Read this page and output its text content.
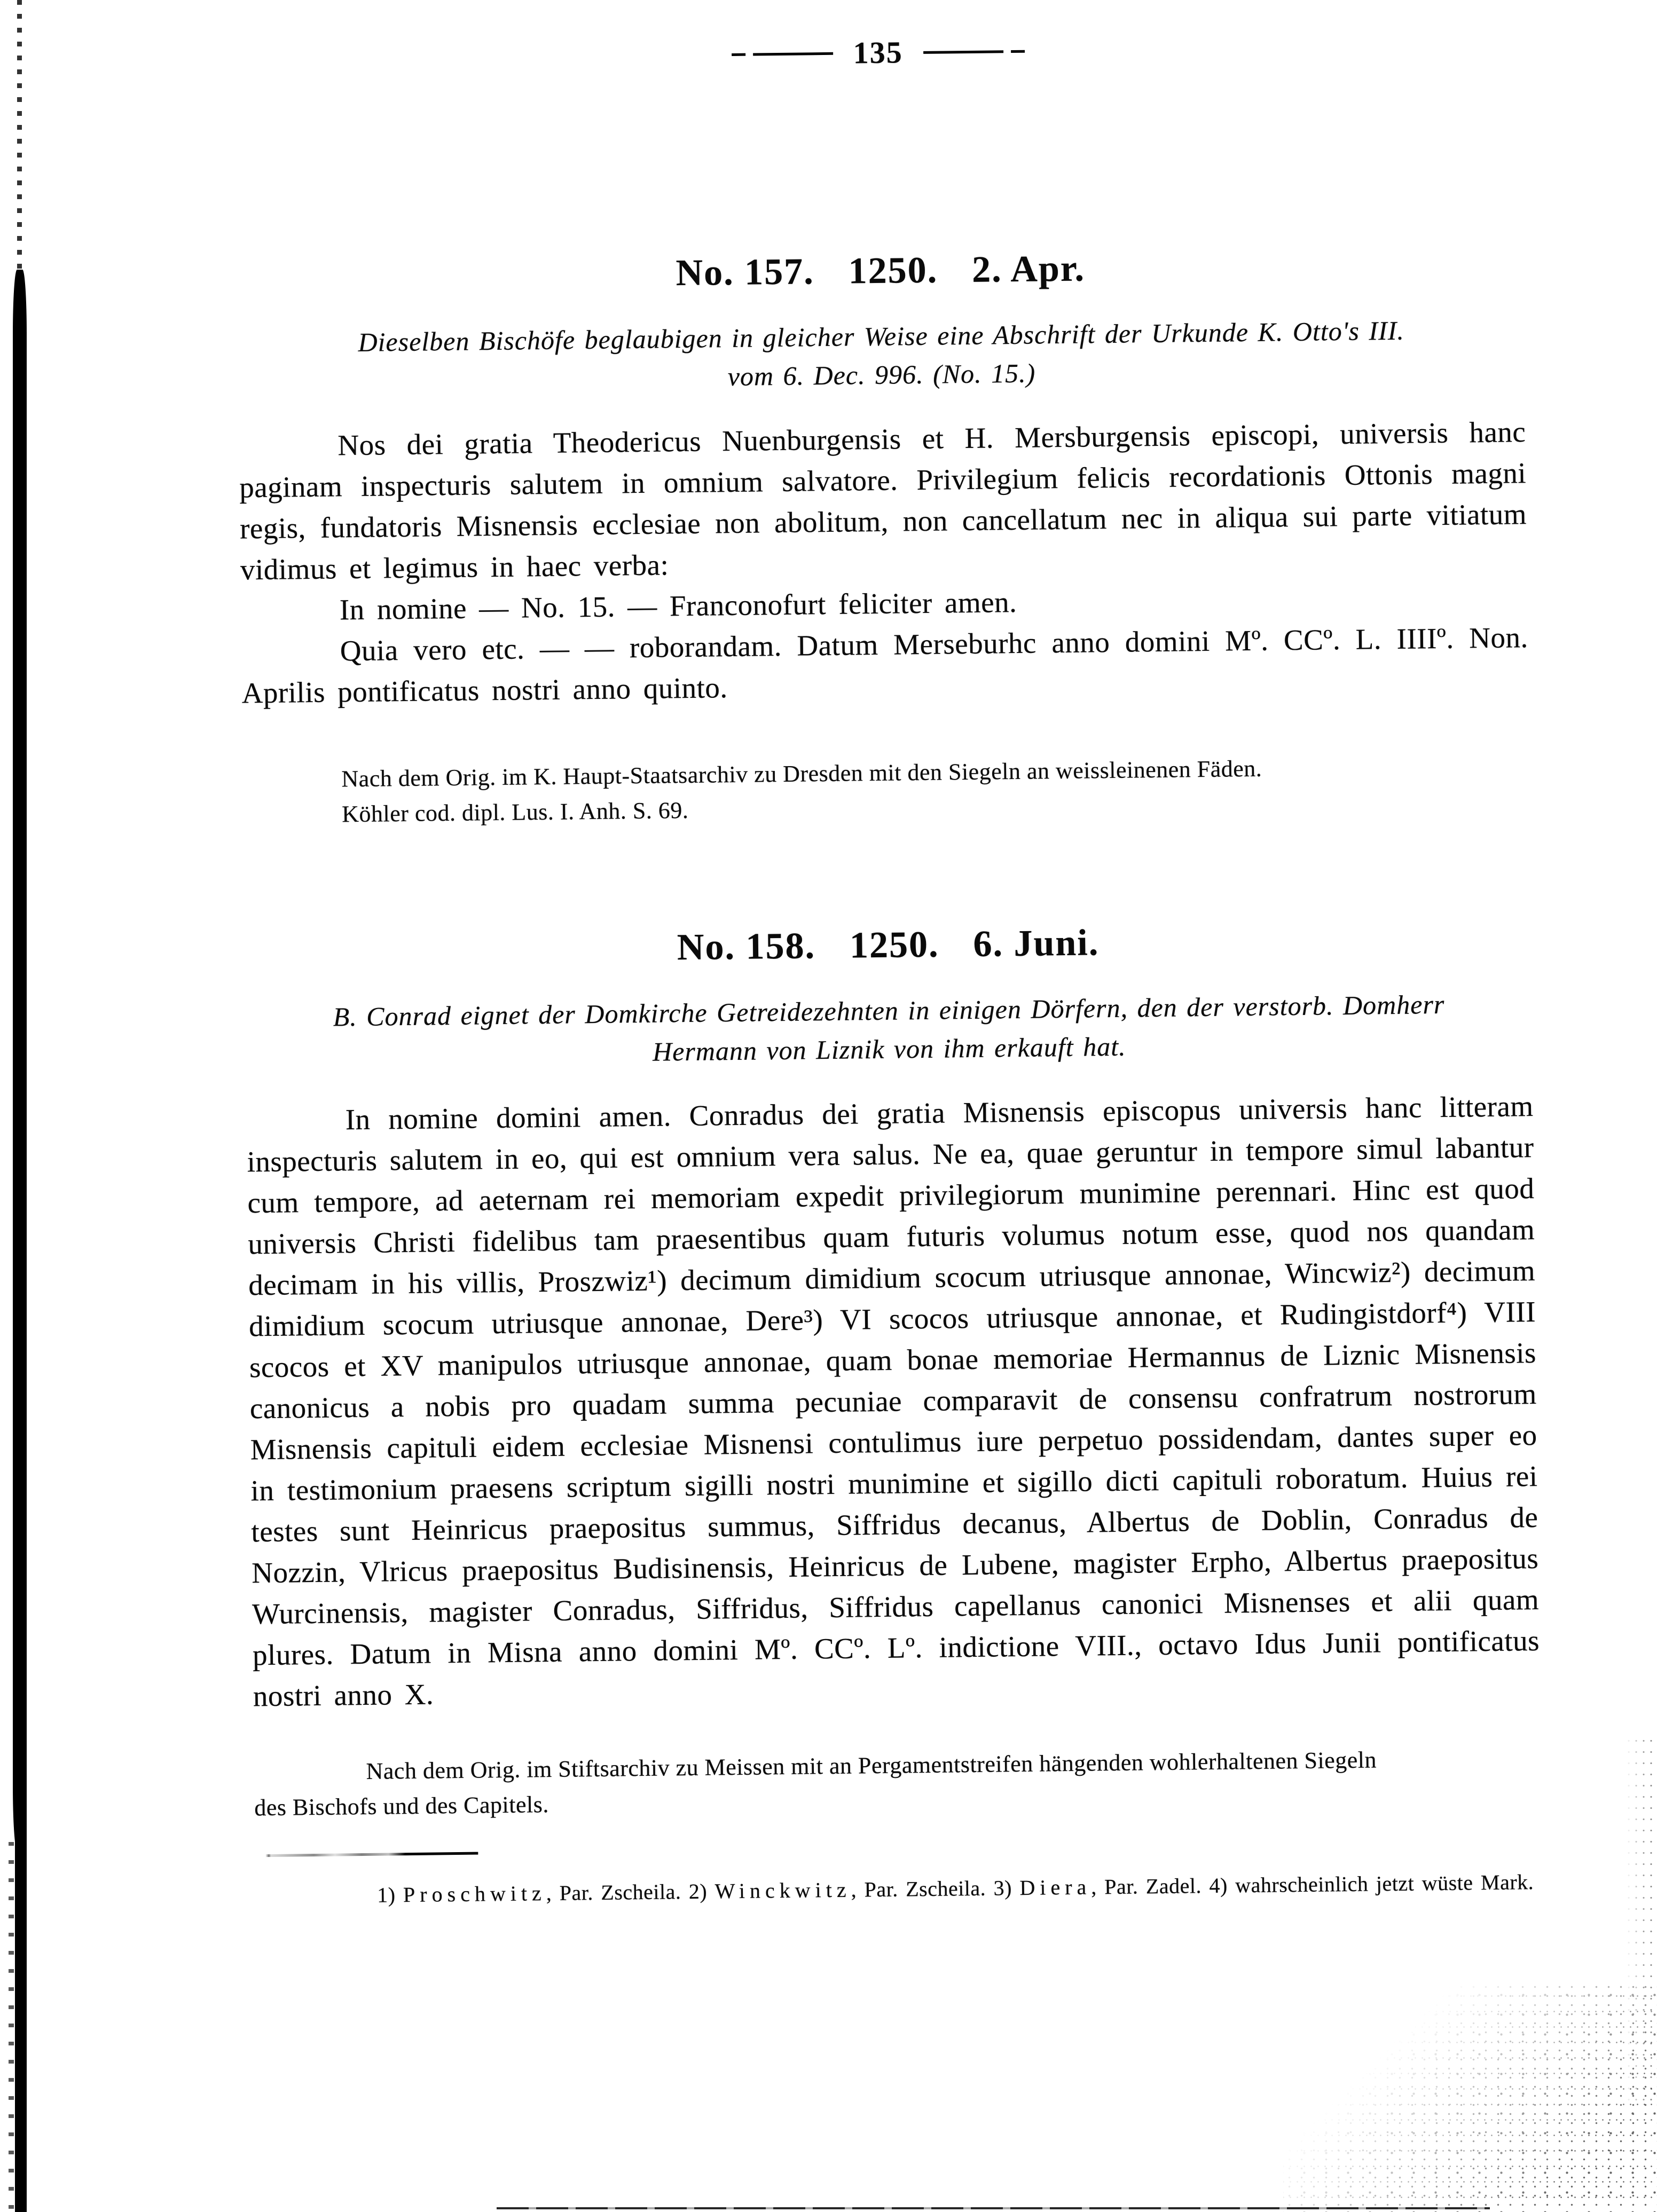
135
No. 157. 1250. 2. Apr.

Dieselben Bischöfe beglaubigen in gleicher Weise eine Abschrift der Urkunde K. Otto's III.
vom 6. Dec. 996. (No. 15.)

Nos dei gratia Theodericus Nuenburgensis et H. Mersburgensis episcopi, universis hanc paginam inspecturis salutem in omnium salvatore. Privilegium felicis recordationis Ottonis magni regis, fundatoris Misnensis ecclesiae non abolitum, non cancellatum nec in aliqua sui parte vitiatum vidimus et legimus in haec verba:

In nomine — No. 15. — Franconofurt feliciter amen.

Quia vero etc. — — roborandam. Datum Merseburhc anno domini Mº. CCº. L. IIIIº. Non. Aprilis pontificatus nostri anno quinto.

Nach dem Orig. im K. Haupt-Staatsarchiv zu Dresden mit den Siegeln an weissleinenen Fäden.
Köhler cod. dipl. Lus. I. Anh. S. 69.

No. 158. 1250. 6. Juni.

B. Conrad eignet der Domkirche Getreidezehnten in einigen Dörfern, den der verstorb. Domherr
Hermann von Liznik von ihm erkauft hat.

In nomine domini amen. Conradus dei gratia Misnensis episcopus universis hanc litteram inspecturis salutem in eo, qui est omnium vera salus. Ne ea, quae geruntur in tempore simul labantur cum tempore, ad aeternam rei memoriam expedit privilegiorum munimine perennari. Hinc est quod universis Christi fidelibus tam praesentibus quam futuris volumus notum esse, quod nos quandam decimam in his villis, Proszwiz¹) decimum dimidium scocum utriusque annonae, Wincwiz²) decimum dimidium scocum utriusque annonae, Dere³) VI scocos utriusque annonae, et Rudingistdorf⁴) VIII scocos et XV manipulos utriusque annonae, quam bonae memoriae Hermannus de Liznic Misnensis canonicus a nobis pro quadam summa pecuniae comparavit de consensu confratrum nostrorum Misnensis capituli eidem ecclesiae Misnensi contulimus iure perpetuo possidendam, dantes super eo in testimonium praesens scriptum sigilli nostri munimine et sigillo dicti capituli roboratum. Huius rei testes sunt Heinricus praepositus summus, Siffridus decanus, Albertus de Doblin, Conradus de Nozzin, Vlricus praepositus Budisinensis, Heinricus de Lubene, magister Erpho, Albertus praepositus Wurcinensis, magister Conradus, Siffridus, Siffridus capellanus canonici Misnenses et alii quam plures. Datum in Misna anno domini Mº. CCº. Lº. indictione VIII., octavo Idus Junii pontificatus nostri anno X.

Nach dem Orig. im Stiftsarchiv zu Meissen mit an Pergamentstreifen hängenden wohlerhaltenen Siegeln
des Bischofs und des Capitels.

1) Proschwitz, Par. Zscheila. 2) Winckwitz, Par. Zscheila. 3) Diera, Par. Zadel. 4) wahrscheinlich jetzt wüste Mark.
